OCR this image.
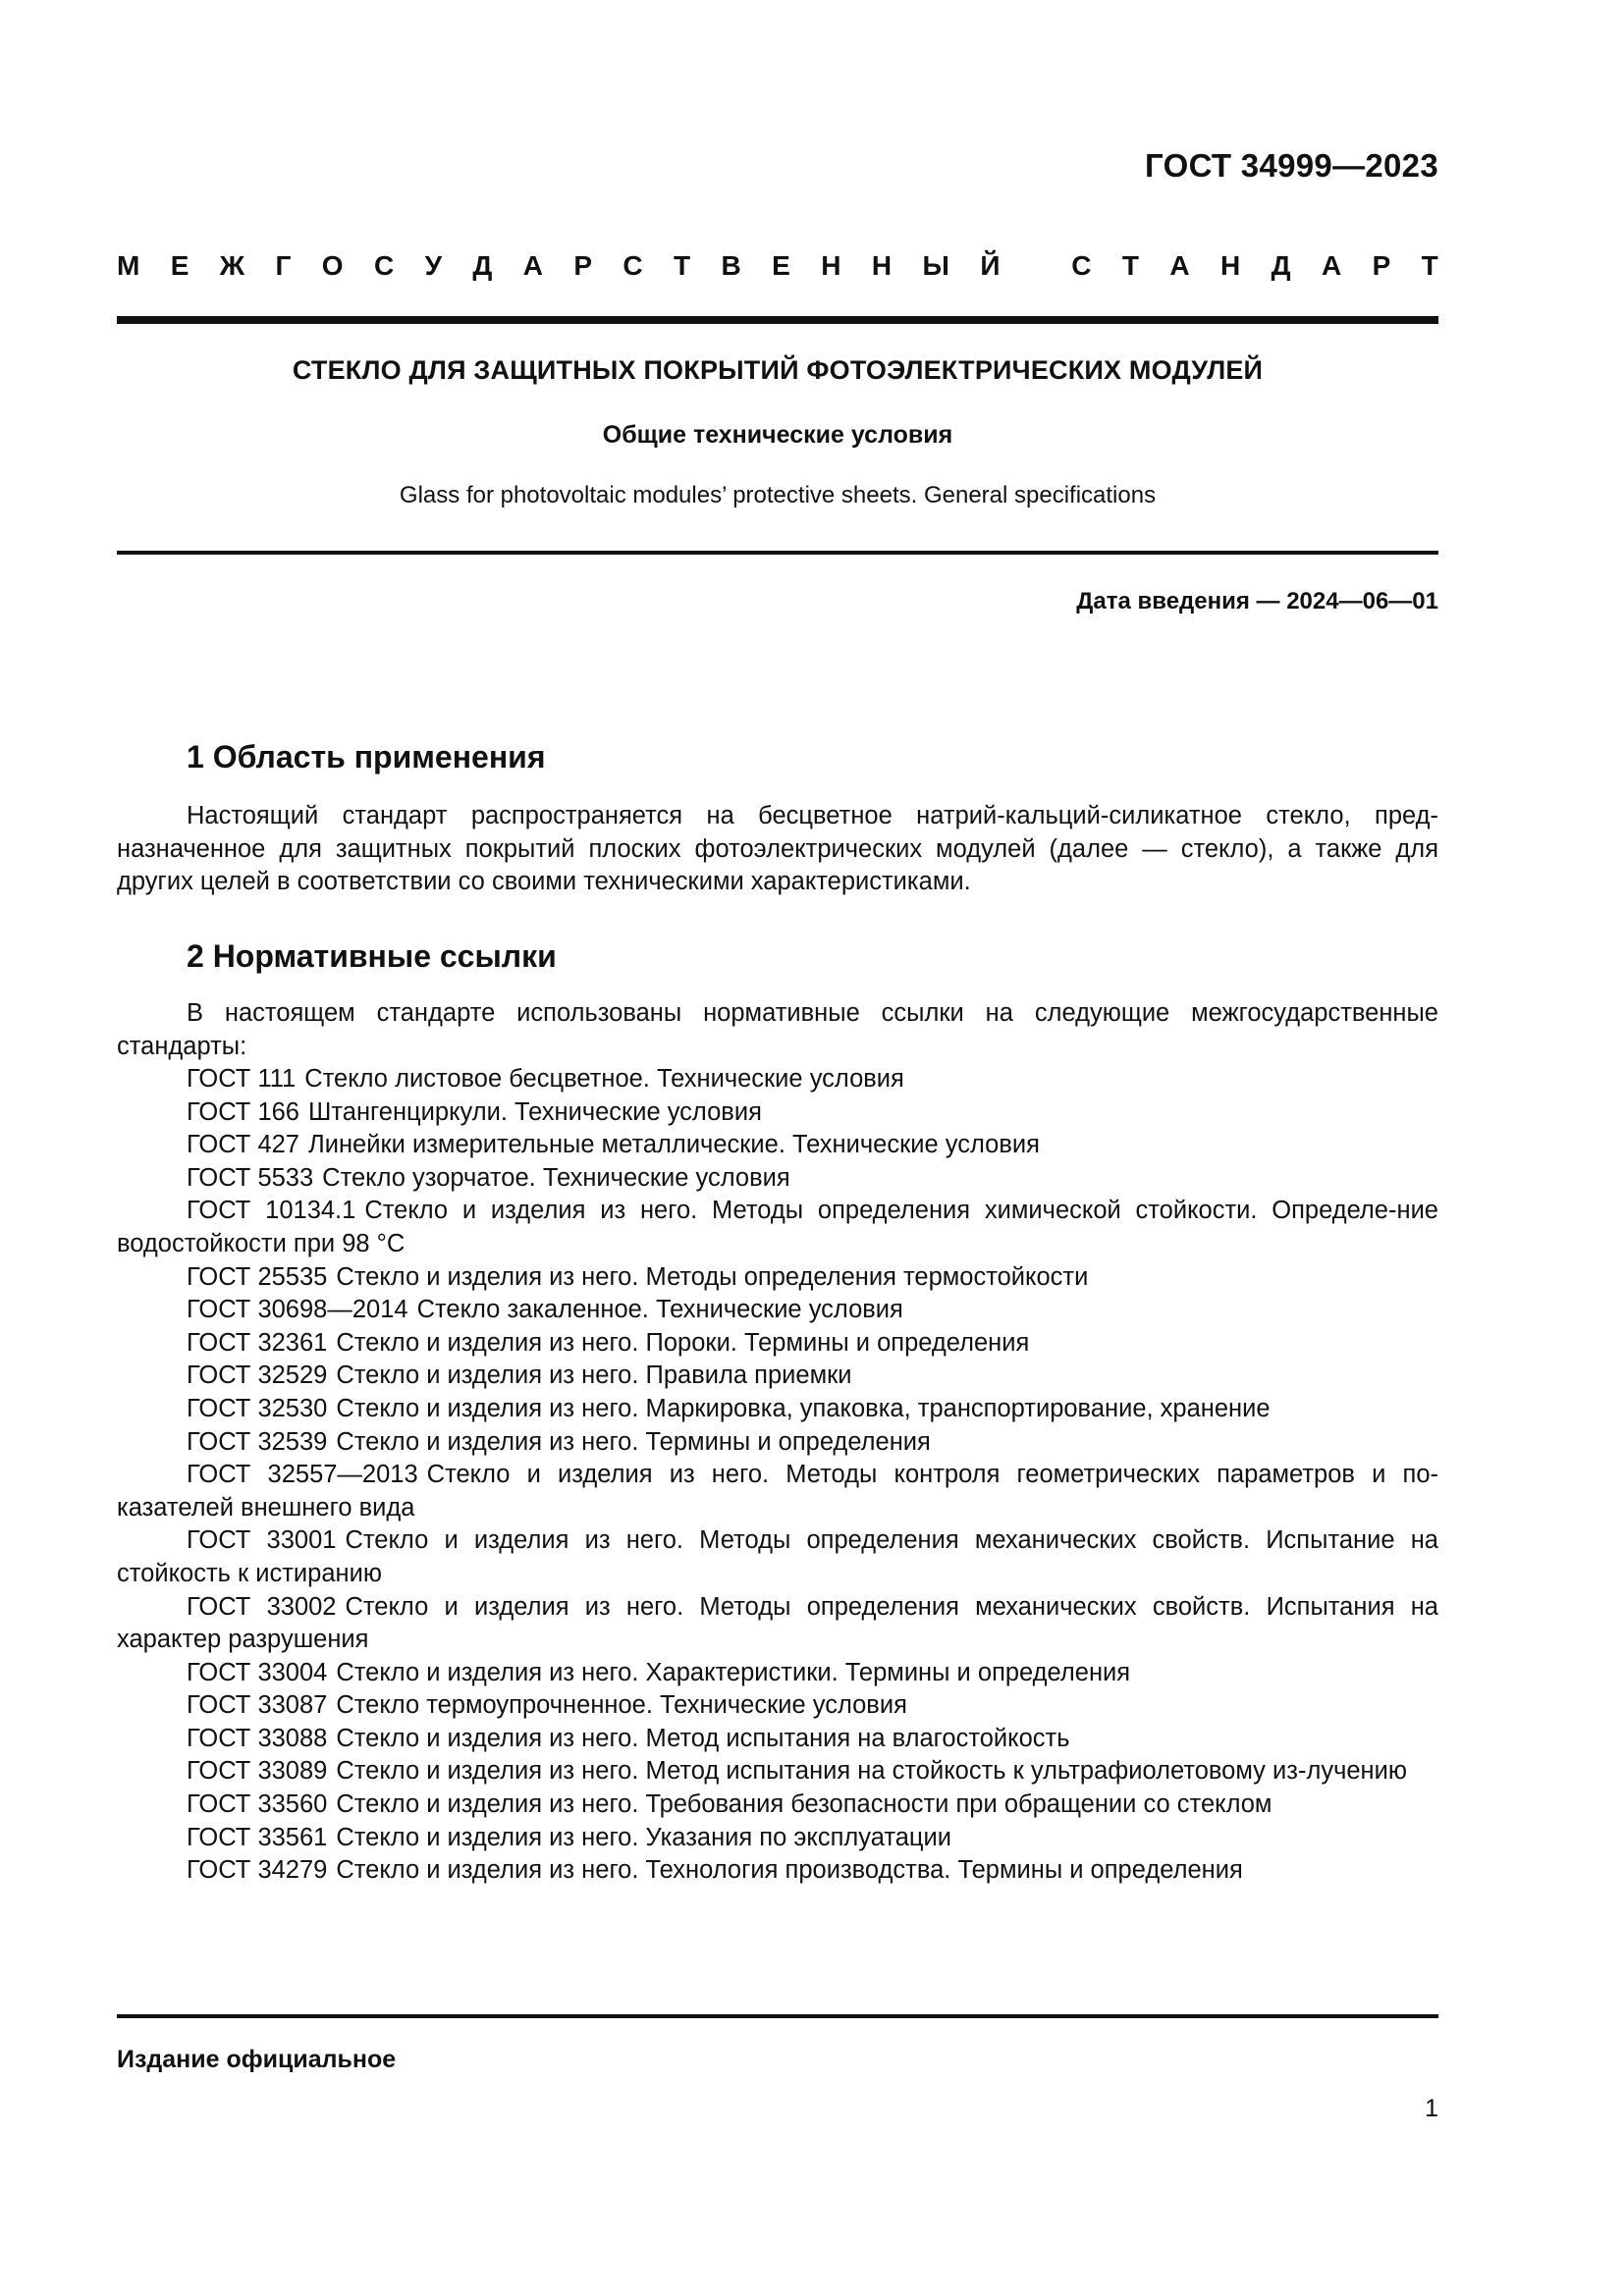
ГОСТ 34999—2023
М Е Ж Г О С У Д А Р С Т В Е Н Н Ы Й	С Т А Н Д А Р Т
СТЕКЛО ДЛЯ ЗАЩИТНЫХ ПОКРЫТИЙ ФОТОЭЛЕКТРИЧЕСКИХ МОДУЛЕЙ
Общие технические условия
Glass for photovoltaic modules’ protective sheets. General specifications
Дата введения — 2024—06—01
1 Область применения
Настоящий стандарт распространяется на бесцветное натрий-кальций-силикатное стекло, пред-назначенное для защитных покрытий плоских фотоэлектрических модулей (далее — стекло), а также для других целей в соответствии со своими техническими характеристиками.
2 Нормативные ссылки
В настоящем стандарте использованы нормативные ссылки на следующие межгосударственные стандарты:
ГОСТ 111 Стекло листовое бесцветное. Технические условия
ГОСТ 166 Штангенциркули. Технические условия
ГОСТ 427 Линейки измерительные металлические. Технические условия
ГОСТ 5533 Стекло узорчатое. Технические условия
ГОСТ 10134.1 Стекло и изделия из него. Методы определения химической стойкости. Определе-ние водостойкости при 98 °С
ГОСТ 25535 Стекло и изделия из него. Методы определения термостойкости
ГОСТ 30698—2014 Стекло закаленное. Технические условия
ГОСТ 32361 Стекло и изделия из него. Пороки. Термины и определения
ГОСТ 32529 Стекло и изделия из него. Правила приемки
ГОСТ 32530 Стекло и изделия из него. Маркировка, упаковка, транспортирование, хранение
ГОСТ 32539 Стекло и изделия из него. Термины и определения
ГОСТ 32557—2013 Стекло и изделия из него. Методы контроля геометрических параметров и по-казателей внешнего вида
ГОСТ 33001 Стекло и изделия из него. Методы определения механических свойств. Испытание на стойкость к истиранию
ГОСТ 33002 Стекло и изделия из него. Методы определения механических свойств. Испытания на характер разрушения
ГОСТ 33004 Стекло и изделия из него. Характеристики. Термины и определения
ГОСТ 33087 Стекло термоупрочненное. Технические условия
ГОСТ 33088 Стекло и изделия из него. Метод испытания на влагостойкость
ГОСТ 33089 Стекло и изделия из него. Метод испытания на стойкость к ультрафиолетовому из-лучению
ГОСТ 33560 Стекло и изделия из него. Требования безопасности при обращении со стеклом
ГОСТ 33561 Стекло и изделия из него. Указания по эксплуатации
ГОСТ 34279 Стекло и изделия из него. Технология производства. Термины и определения
Издание официальное
1
